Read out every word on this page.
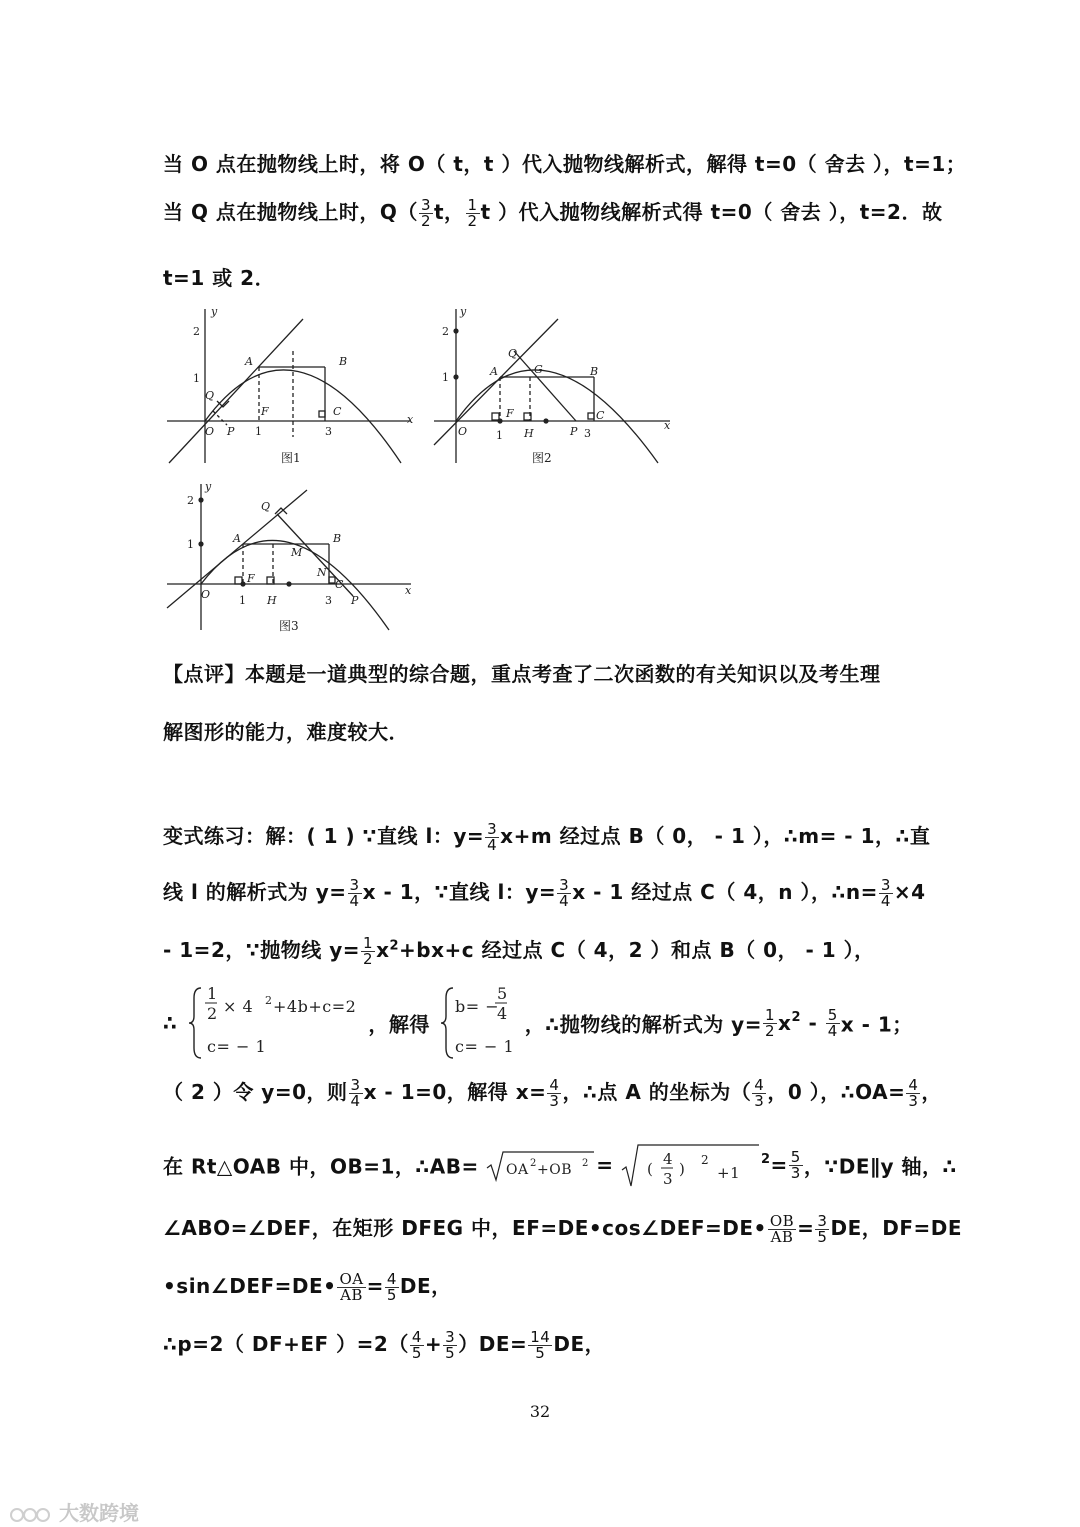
当 O 点在抛物线上时，将 O（ t，t ）代入抛物线解析式，解得 t=0（ 舍去 ），t=1；
当 Q 点在抛物线上时，$Q( \frac{3}{2}$ t， $\frac{1}{2}$ t ）代入抛物线解析式得 t=0（ 舍去 ），t=2．故
t=1 或 2．
y
x
O P
Q
A	B
C
F
1	3
1
2
图1
y
x
O	P
Q
A	G	B
C
F
H
1	3
1
2
图2
y
x
O	P
Q
A
M
B
N
C
F
H
1	3
1
2
图3
【点评】本题是一道典型的综合题，重点考查了二次函数的有关知识以及考生理
解图形的能力，难度较大．
变式练习：解：( 1 ) ∵直线 l：$y= \frac{3}{4} x+m$ 经过点 B（ 0， - 1 ），∴m= - 1，∴直
线 l 的解析式为 $y= \frac{3}{4}$ x - 1，∵直线 l：$y= \frac{3}{4}$ x - 1 经过点 C（ 4，n ），∴n= $\frac{3}{4} \times 4$
- 1=2，∵抛物线 $y= \frac{1}{2} x^2+bx+c$ 经过点 C（ 4，2 ）和点 B（ 0， - 1 ），
∴
1
2 × 4 2 +4b+c=2
c= − 1
，解得
b= −
5
4
c= − 1
，∴抛物线的解析式为 $y= \frac{1}{2} x^2 - \frac{5}{4}$ x - 1；
（ 2 ）令 y=0，则 $\frac{3}{4}$ x - 1=0，解得 $x= \frac{4}{3}$ ，∴点 A 的坐标为（ $\frac{4}{3}$ ，0 ），∴OA= $\frac{4}{3}$ ，
在 Rt△OAB 中，OB=1，∴AB= OA 2 +OB 2 = (
4
3
) 2
+1
$^2= \frac{5}{3}$ ，∵DE∥y 轴，∴
∠ABO=∠DEF，在矩形 DFEG 中，EF=DE•cos∠DEF=DE• $\frac{OB}{AB} = \frac{3}{5}$ DE，DF=DE
•sin∠DEF=DE• $\frac{OA}{AB} = \frac{4}{5}$ DE，
∴p=2（ DF+EF ）$=2( \frac{4}{5} + \frac{3}{5} )DE= \frac{14}{5}$ DE，
32
大数跨境
